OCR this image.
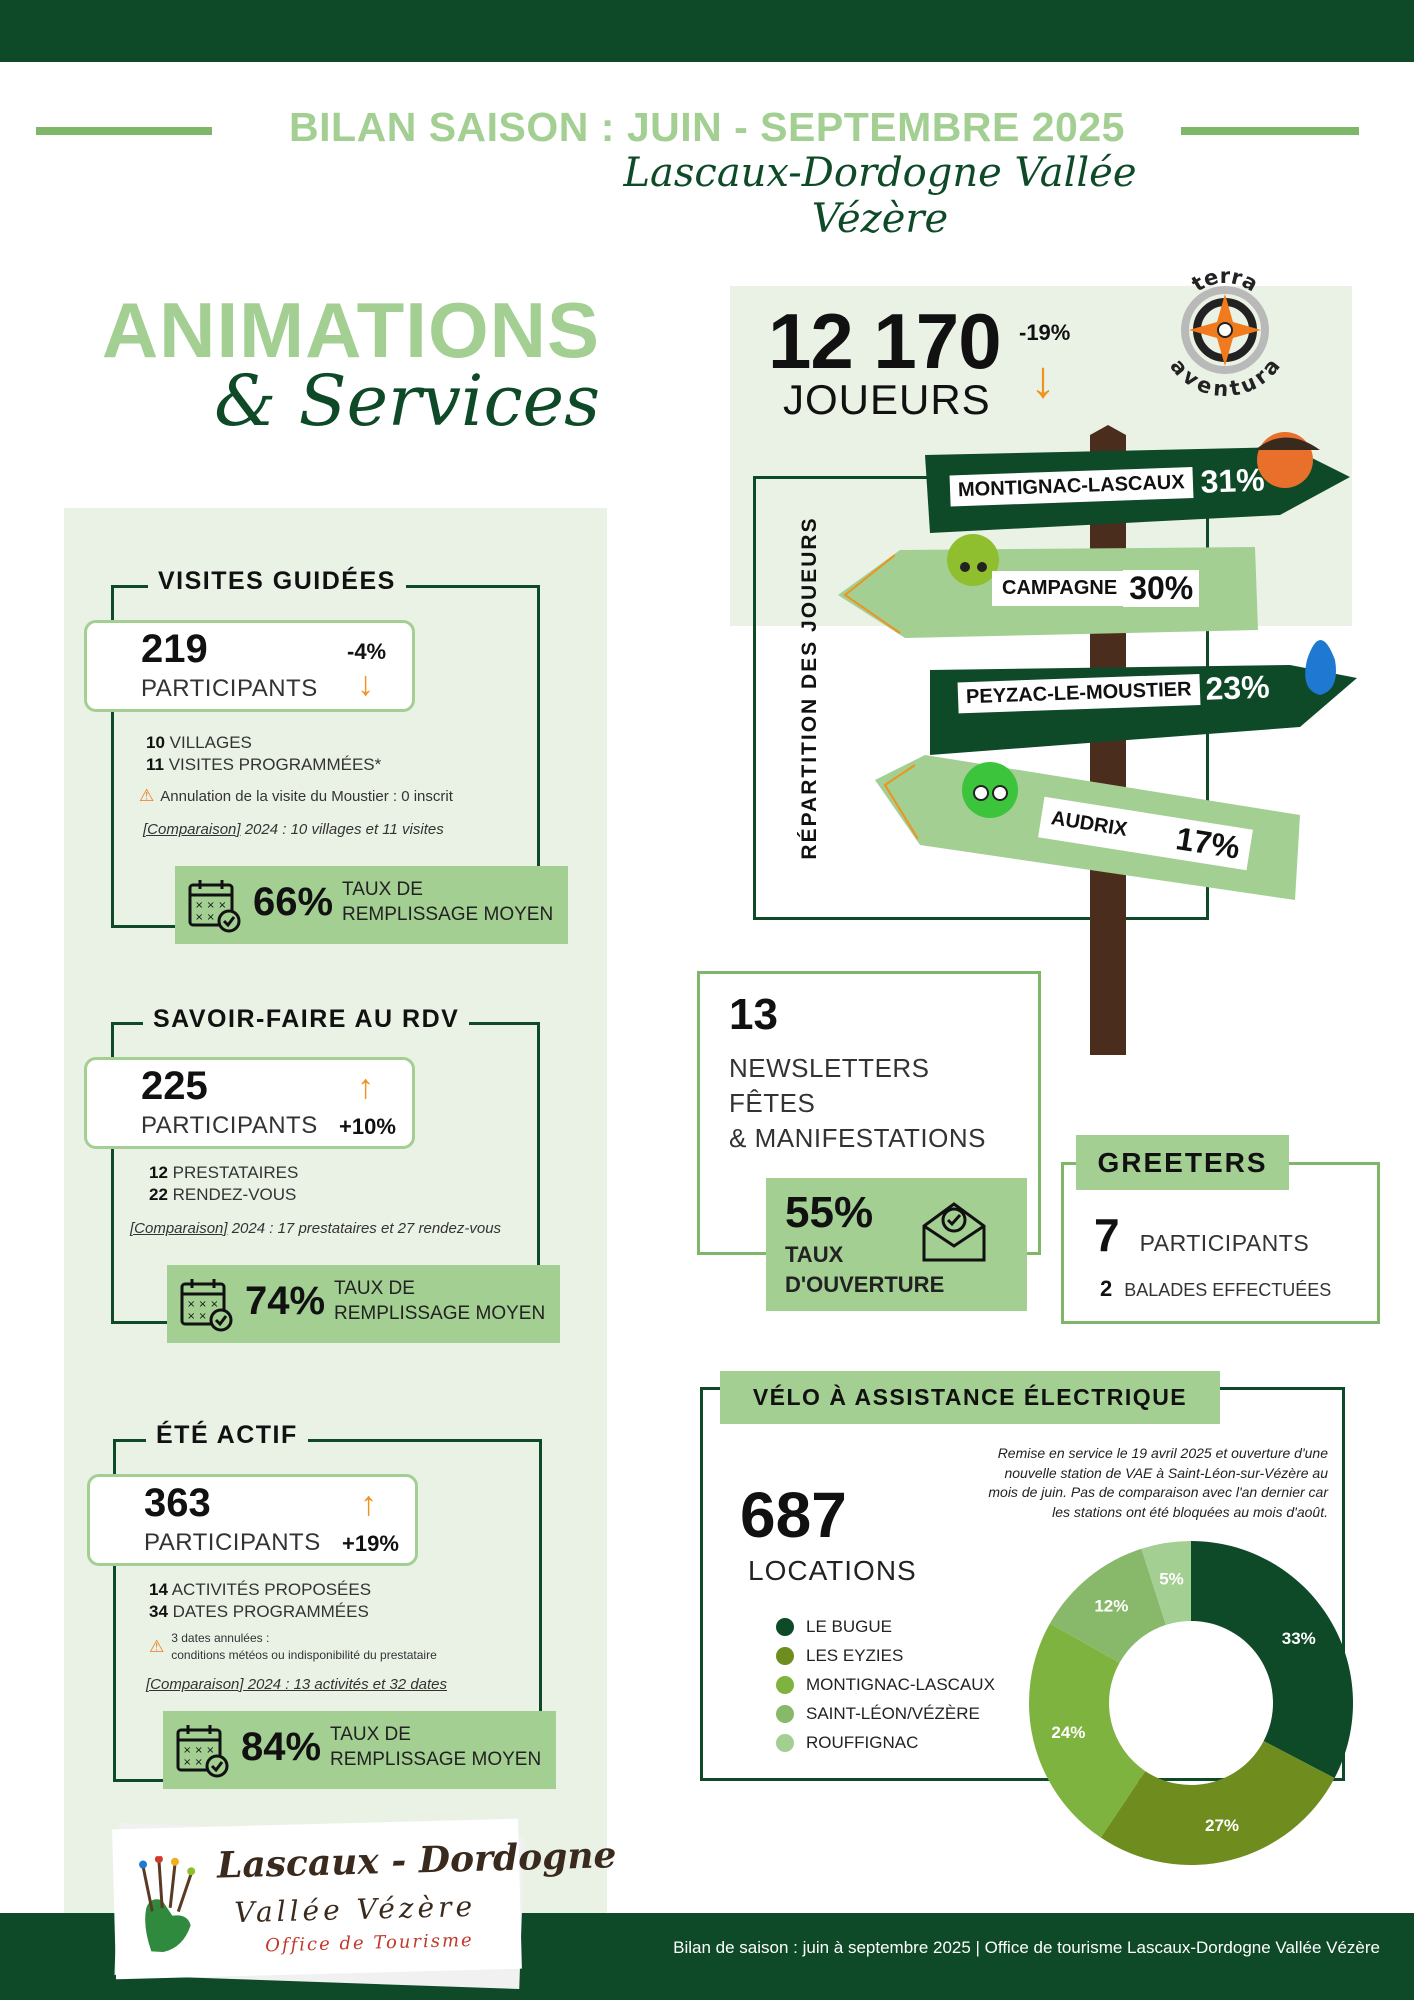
BILAN SAISON : JUIN - SEPTEMBRE 2025
Lascaux-Dordogne Vallée Vézère
ANIMATIONS
& Services
VISITES GUIDÉES
219
PARTICIPANTS
-4%
↓
10 VILLAGES
11 VISITES PROGRAMMÉES*
⚠ Annulation de la visite du Moustier : 0 inscrit
[Comparaison] 2024 : 10 villages et 11 visites
× × ×
× × 66% TAUX DE
REMPLISSAGE MOYEN
SAVOIR-FAIRE AU RDV
225
PARTICIPANTS
↑
+10%
12 PRESTATAIRES
22 RENDEZ-VOUS
[Comparaison] 2024 : 17 prestataires et 27 rendez-vous
× × ×
× × 74% TAUX DE
REMPLISSAGE MOYEN
ÉTÉ ACTIF
363
PARTICIPANTS
↑
+19%
14 ACTIVITÉS PROPOSÉES
34 DATES PROGRAMMÉES
⚠ 3 dates annulées :
conditions météos ou indisponibilité du prestataire
[Comparaison] 2024 : 13 activités et 32 dates
× × ×
× × 84% TAUX DE
REMPLISSAGE MOYEN
12 170
JOUEURS
-19%
↓
terra
aventura
RÉPARTITION DES JOUEURS
MONTIGNAC-LASCAUX 31%
CAMPAGNE 30%
PEYZAC-LE-MOUSTIER 23%
AUDRIX 17%
13
NEWSLETTERS
FÊTES
& MANIFESTATIONS
55%
TAUX
D'OUVERTURE
GREETERS
7 PARTICIPANTS
2 BALADES EFFECTUÉES
VÉLO À ASSISTANCE ÉLECTRIQUE
Remise en service le 19 avril 2025 et ouverture d'une
nouvelle station de VAE à Saint-Léon-sur-Vézère au
mois de juin. Pas de comparaison avec l'an dernier car
les stations ont été bloquées au mois d'août.
687
LOCATIONS
LE BUGUE
LES EYZIES
MONTIGNAC-LASCAUX
SAINT-LÉON/VÉZÈRE
ROUFFIGNAC
33%
27%
24%
12%
5%
Lascaux - Dordogne
Vallée Vézère
Office de Tourisme	Bilan de saison : juin à septembre 2025 | Office de tourisme Lascaux-Dordogne Vallée Vézère
